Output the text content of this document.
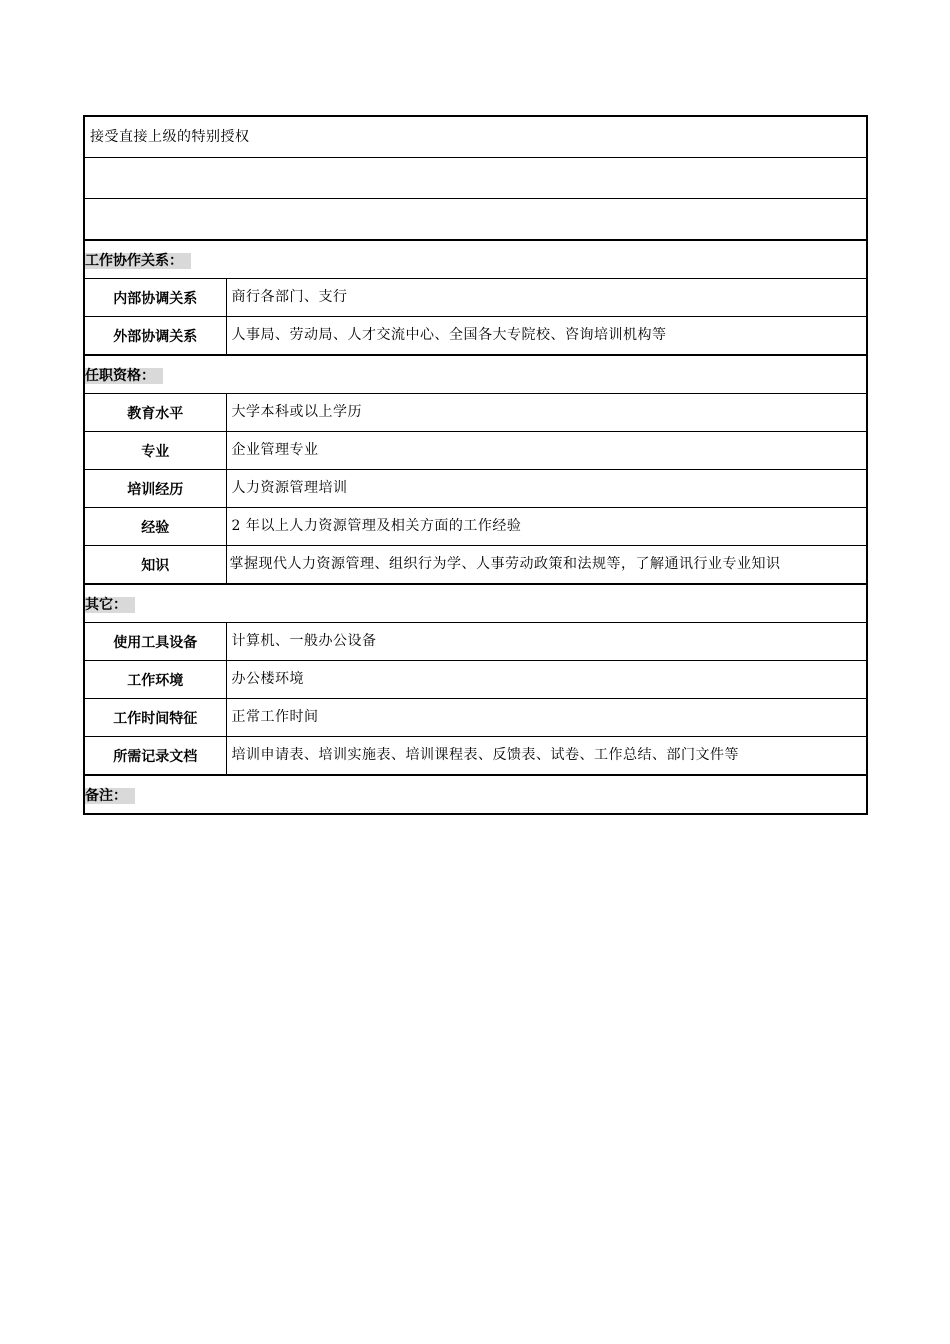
接受直接上级的特别授权	

工作协作关系：	
内部协调关系	商行各部门、支行
外部协调关系	人事局、劳动局、人才交流中心、全国各大专院校、咨询培训机构等
任职资格：	
教育水平	大学本科或以上学历
专业	企业管理专业
培训经历	人力资源管理培训
经验	2 年以上人力资源管理及相关方面的工作经验
知识	掌握现代人力资源管理、组织行为学、人事劳动政策和法规等，了解通讯行业专业知识

其它：	
使用工具设备	计算机、一般办公设备
工作环境	办公楼环境
工作时间特征	正常工作时间
所需记录文档	培训申请表、培训实施表、培训课程表、反馈表、试卷、工作总结、部门文件等
备注：	
